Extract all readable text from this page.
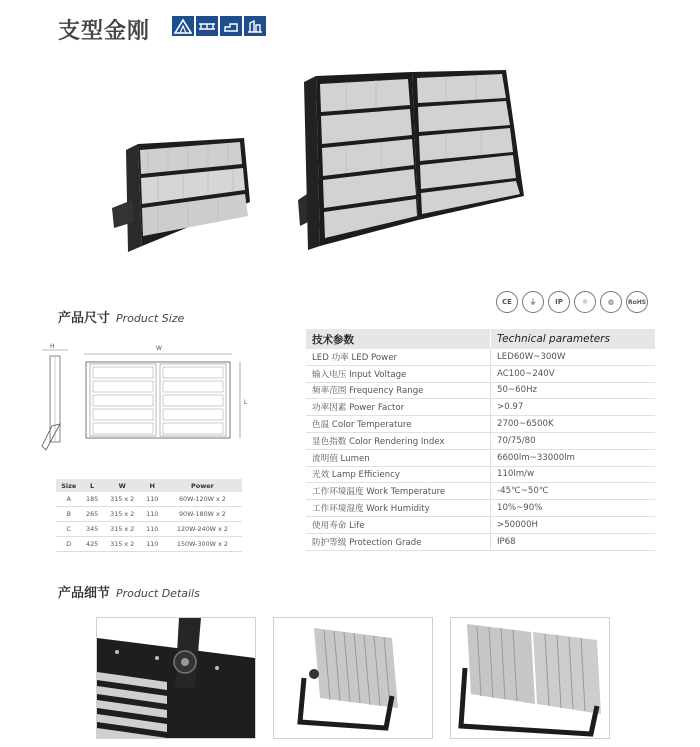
支型金刚
产品尺寸 Product Size
CE	⏚	IP	☼	◍	RoHS
H	W
L
Size	L	W	H	Power
A	185	315 x 2	110	60W-120W x 2
B	265	315 x 2	110	90W-180W x 2
C	345	315 x 2	110	120W-240W x 2
D	425	315 x 2	110	150W-300W x 2
技术参数	Technical parameters
LED 功率 LED Power	LED60W~300W
输入电压 Input Voltage	AC100~240V
频率范围 Frequency Range	50~60Hz
功率因素 Power Factor	>0.97
色温 Color Temperature	2700~6500K
显色指数 Color Rendering Index	70/75/80
流明值 Lumen	6600lm~33000lm
光效 Lamp Efficiency	110lm/w
工作环境温度 Work Temperature	-45℃~50℃
工作环境湿度 Work Humidity	10%~90%
使用寿命 Life	>50000H
防护等级 Protection Grade	IP68
产品细节 Product Details
